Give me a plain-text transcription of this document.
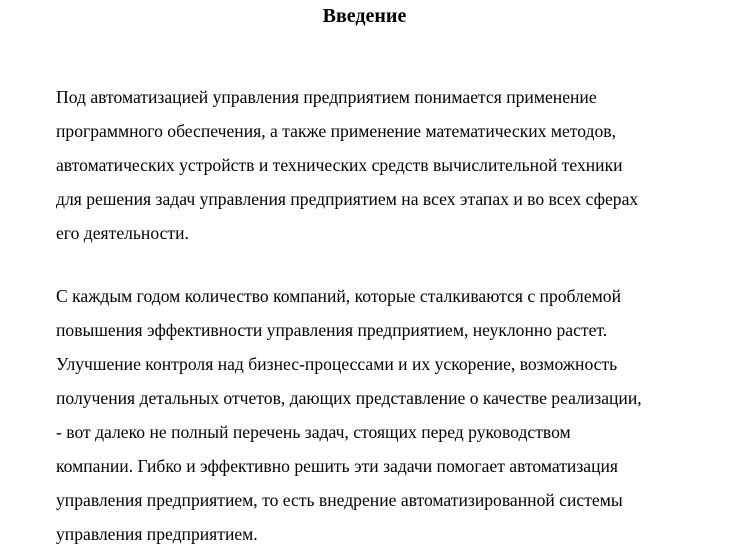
Введение
Под автоматизацией управления предприятием понимается применение
программного обеспечения, а также применение математических методов,
автоматических устройств и технических средств вычислительной техники
для решения задач управления предприятием на всех этапах и во всех сферах
его деятельности.
С каждым годом количество компаний, которые сталкиваются с проблемой
повышения эффективности управления предприятием, неуклонно растет.
Улучшение контроля над бизнес-процессами и их ускорение, возможность
получения детальных отчетов, дающих представление о качестве реализации,
- вот далеко не полный перечень задач, стоящих перед руководством
компании. Гибко и эффективно решить эти задачи помогает автоматизация
управления предприятием, то есть внедрение автоматизированной системы
управления предприятием.
